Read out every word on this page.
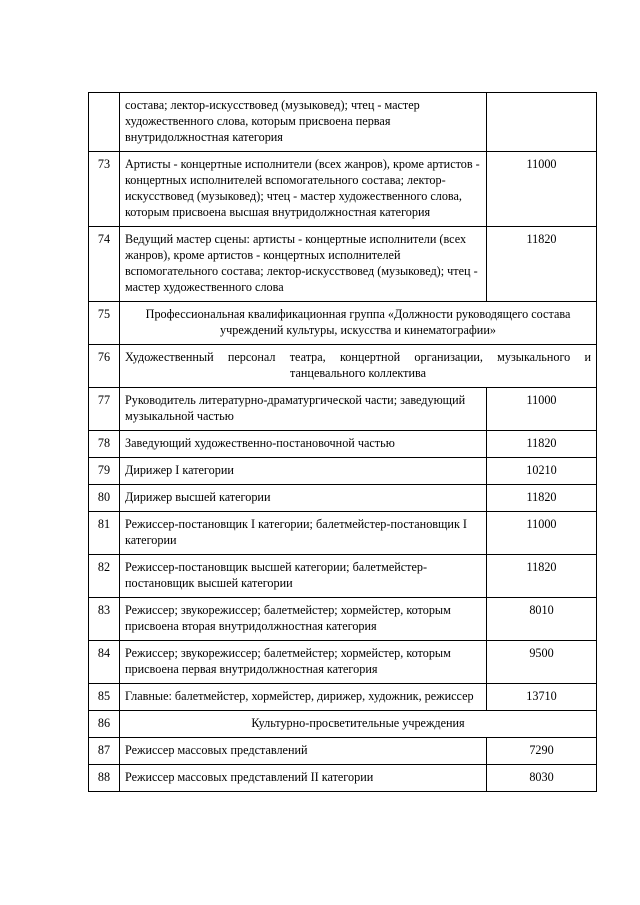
	состава; лектор-искусствовед (музыковед); чтец - мастер художественного слова, которым присвоена первая внутридолжностная категория	
73	Артисты - концертные исполнители (всех жанров), кроме артистов - концертных исполнителей вспомогательного состава; лектор-искусствовед (музыковед); чтец - мастер художественного слова, которым присвоена высшая внутридолжностная категория	11000
74	Ведущий мастер сцены: артисты - концертные исполнители (всех жанров), кроме артистов - концертных исполнителей вспомогательного состава; лектор-искусствовед (музыковед); чтец - мастер художественного слова	11820
75	Профессиональная квалификационная группа «Должности руководящего состава учреждений культуры, искусства и кинематографии»	
76	Художественный персонал театра, концертной организации, музыкального и танцевального коллектива	
77	Руководитель литературно-драматургической части; заведующий музыкальной частью	11000
78	Заведующий художественно-постановочной частью	11820
79	Дирижер I категории	10210
80	Дирижер высшей категории	11820
81	Режиссер-постановщик I категории; балетмейстер-постановщик I категории	11000
82	Режиссер-постановщик высшей категории; балетмейстер-постановщик высшей категории	11820
83	Режиссер; звукорежиссер; балетмейстер; хормейстер, которым присвоена вторая внутридолжностная категория	8010
84	Режиссер; звукорежиссер; балетмейстер; хормейстер, которым присвоена первая внутридолжностная категория	9500
85	Главные: балетмейстер, хормейстер, дирижер, художник, режиссер	13710
86	Культурно-просветительные учреждения	
87	Режиссер массовых представлений	7290
88	Режиссер массовых представлений II категории	8030
